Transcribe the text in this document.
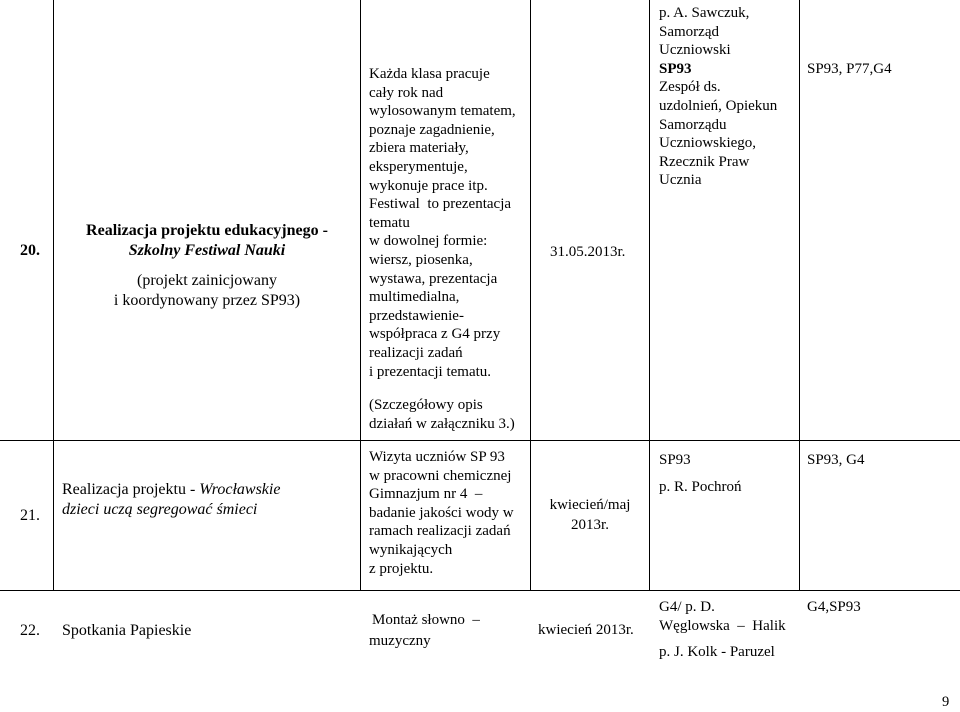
20.
Realizacja projektu edukacyjnego -
Szkolny Festiwal Nauki
(projekt zainicjowany
i koordynowany przez SP93)
Każda klasa pracuje
cały rok nad
wylosowanym tematem,
poznaje zagadnienie,
zbiera materiały,
eksperymentuje,
wykonuje prace itp.
Festiwal  to prezentacja
tematu
w dowolnej formie:
wiersz, piosenka,
wystawa, prezentacja
multimedialna,
przedstawienie-
współpraca z G4 przy
realizacji zadań
i prezentacji tematu.
(Szczegółowy opis
działań w załączniku 3.)
31.05.2013r.
p. A. Sawczuk,
Samorząd
Uczniowski
SP93
Zespół ds.
uzdolnień, Opiekun
Samorządu
Uczniowskiego,
Rzecznik Praw
Ucznia
SP93, P77,G4
21.
Realizacja projektu - Wrocławskie
dzieci uczą segregować śmieci
Wizyta uczniów SP 93
w pracowni chemicznej
Gimnazjum nr 4  –
badanie jakości wody w
ramach realizacji zadań
wynikających
z projektu.
kwiecień/maj
2013r.
SP93
p. R. Pochroń
SP93, G4
22. Spotkania Papieskie
Montaż słowno  –
muzyczny
kwiecień 2013r.
G4/ p. D.
Węglowska  –  Halik
p. J. Kolk - Paruzel
G4,SP93
9
